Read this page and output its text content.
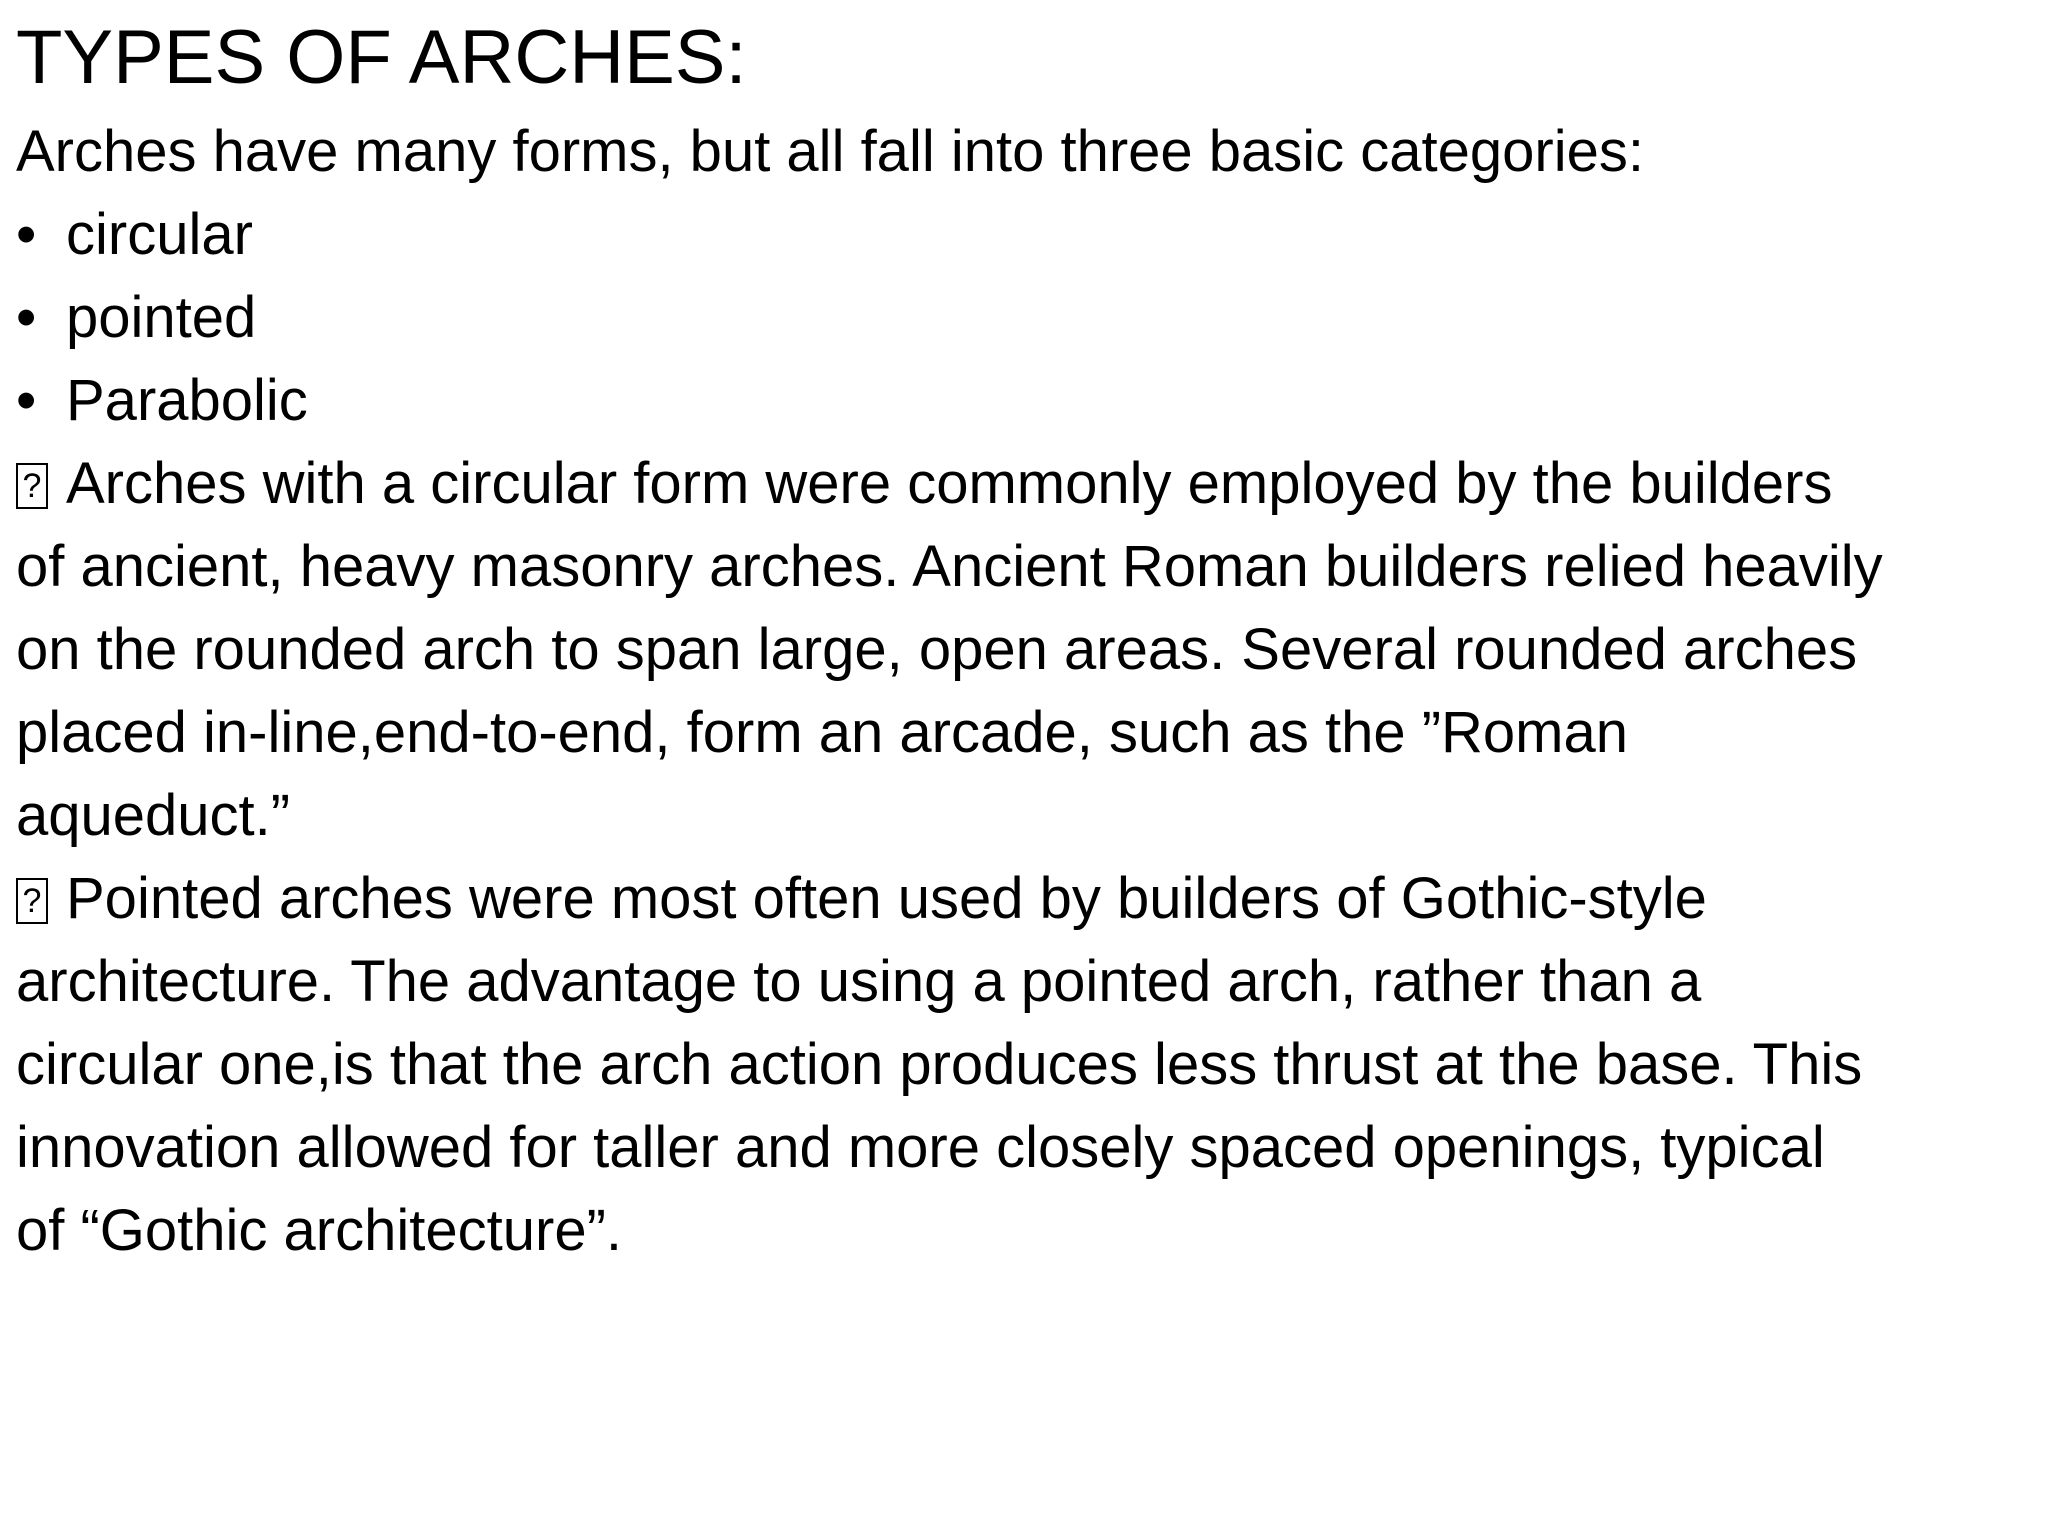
TYPES OF ARCHES:
Arches have many forms, but all fall into three basic categories:
• circular
• pointed
• Parabolic
?Arches with a circular form were commonly employed by the builders
of ancient, heavy masonry arches. Ancient Roman builders relied heavily
on the rounded arch to span large, open areas. Several rounded arches
placed in-line,end-to-end, form an arcade, such as the ”Roman
aqueduct.”
?Pointed arches were most often used by builders of Gothic-style
architecture. The advantage to using a pointed arch, rather than a
circular one,is that the arch action produces less thrust at the base. This
innovation allowed for taller and more closely spaced openings, typical
of “Gothic architecture”.
